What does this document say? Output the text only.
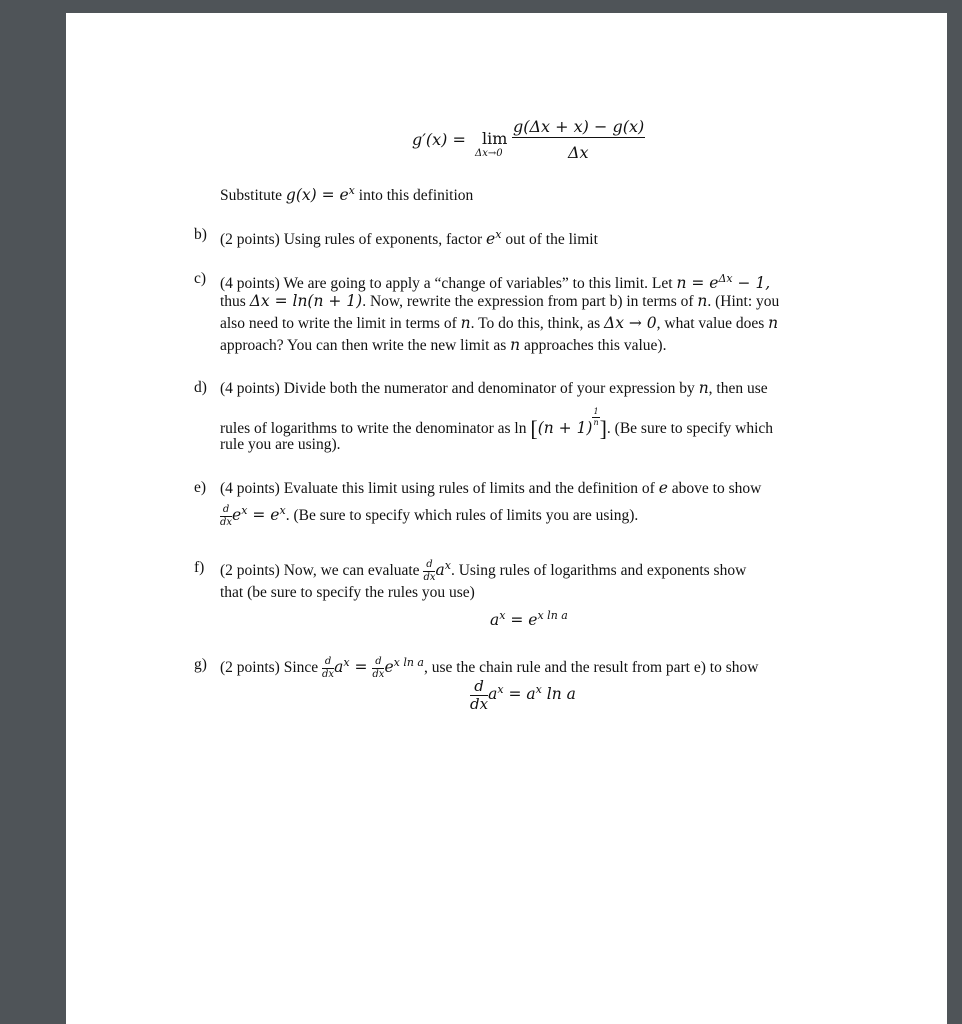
g′(x) = lim
Δx→0
g(Δx + x) − g(x)
Δx
Substitute $g(x) = e^x$ into this definition
b) (2 points) Using rules of exponents, factor $e^x$ out of the limit
c) (4 points) We are going to apply a “change of variables” to this limit. Let $n = e^{\Delta x} - 1$,
thus Δx = ln(n + 1). Now, rewrite the expression from part b) in terms of n. (Hint: you
also need to write the limit in terms of n. To do this, think, as Δx → 0, what value does n
approach? You can then write the new limit as n approaches this value).
d) (4 points) Divide both the numerator and denominator of your expression by n, then use
rules of logarithms to write the denominator as ln [(n + 1)
$\frac{1}{n}$ ]. (Be sure to specify which
rule you are using).
e) (4 points) Evaluate this limit using rules of limits and the definition of e above to show
$\frac{d}{dx} e^x = e^x$. (Be sure to specify which rules of limits you are using).
f) (2 points) Now, we can evaluate $\frac{d}{dx} a^x$. Using rules of logarithms and exponents show
that (be sure to specify the rules you use)
$a^x = e^{x ln a}$
g) (2 points) Since $\frac{d}{dx} a^x = \frac{d}{dx} e^{x ln a}$, use the chain rule and the result from part e) to show
$\frac{d}{dx} a^x = a^x$ ln a
